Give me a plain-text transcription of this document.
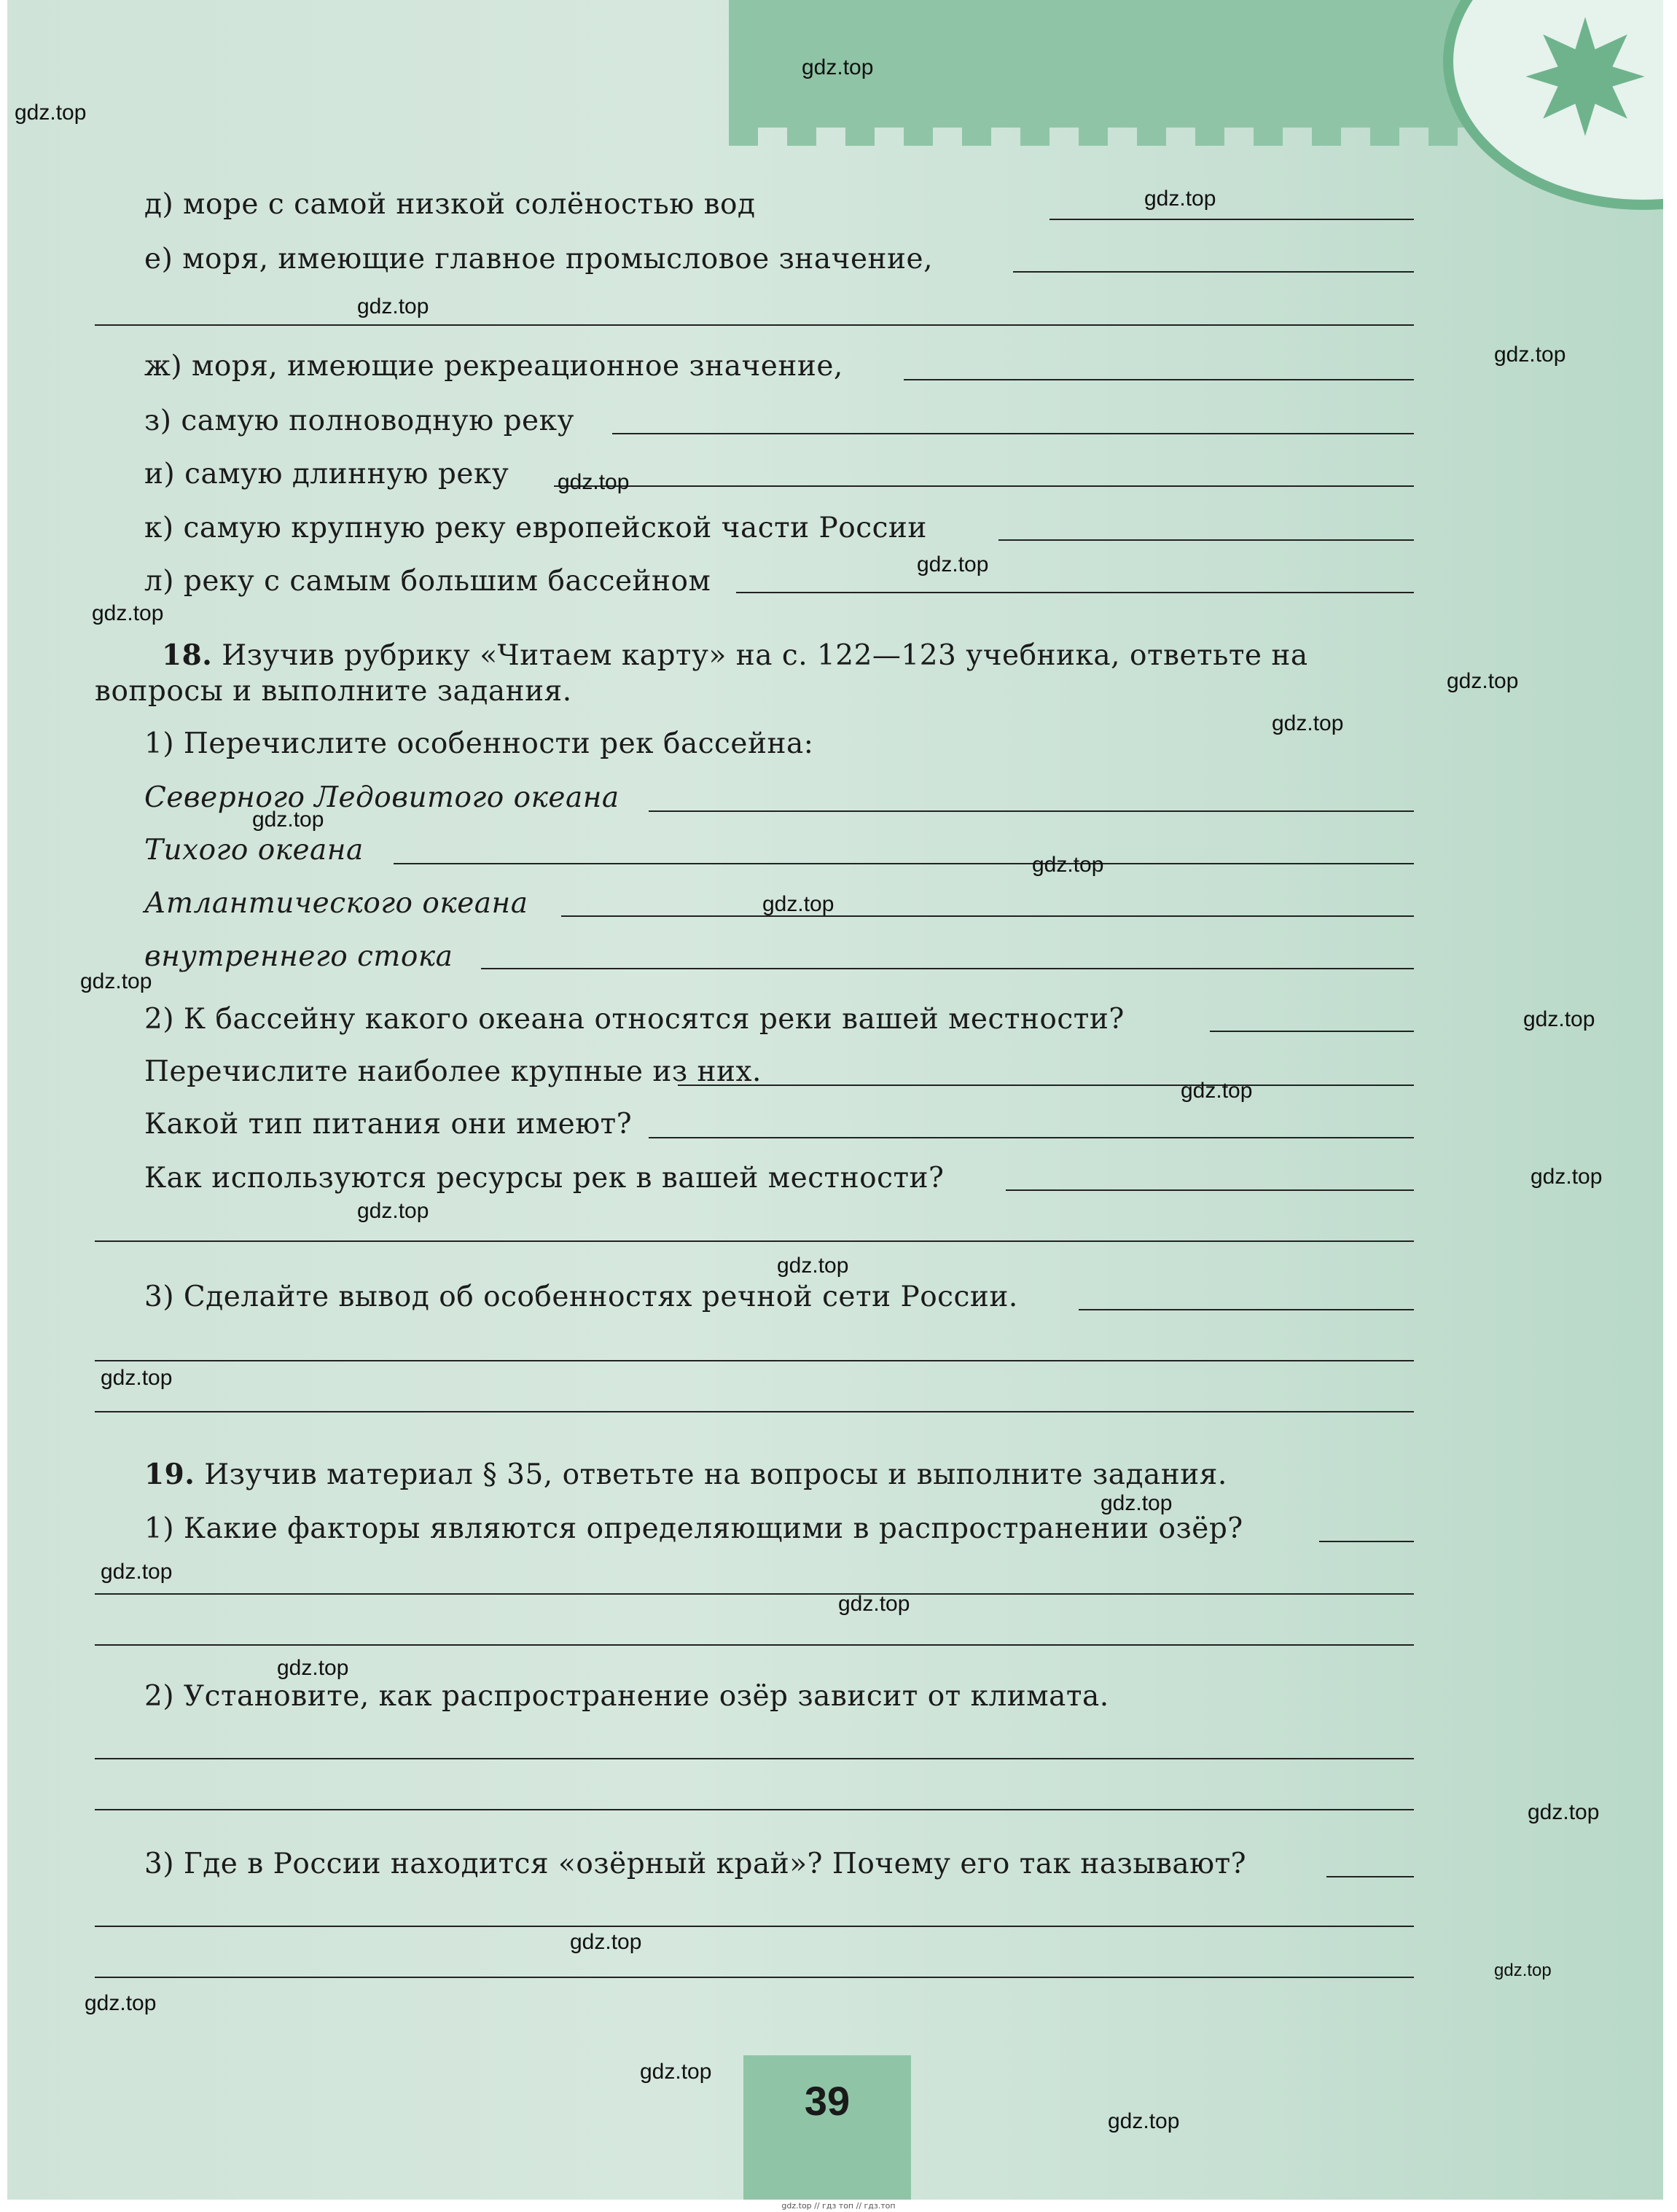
д) море с самой низкой солёностью вод
е) моря, имеющие главное промысловое значение,
ж) моря, имеющие рекреационное значение,
з) самую полноводную реку
и) самую длинную реку
к) самую крупную реку европейской части России
л) реку с самым большим бассейном
18. Изучив рубрику «Читаем карту» на с. 122—123 учебника, ответьте на
вопросы и выполните задания.
1) Перечислите особенности рек бассейна:
Северного Ледовитого океана
Тихого океана
Атлантического океана
внутреннего стока
2) К бассейну какого океана относятся реки вашей местности?
Перечислите наиболее крупные из них.
Какой тип питания они имеют?
Как используются ресурсы рек в вашей местности?
3) Сделайте вывод об особенностях речной сети России.
19. Изучив материал § 35, ответьте на вопросы и выполните задания.
1) Какие факторы являются определяющими в распространении озёр?
2) Установите, как распространение озёр зависит от климата.
3) Где в России находится «озёрный край»? Почему его так называют?
39
gdz.top
gdz.top
gdz.top
gdz.top
gdz.top
gdz.top
gdz.top
gdz.top
gdz.top
gdz.top
gdz.top
gdz.top
gdz.top
gdz.top
gdz.top
gdz.top
gdz.top
gdz.top
gdz.top
gdz.top
gdz.top
gdz.top
gdz.top
gdz.top
gdz.top
gdz.top
gdz.top
gdz.top
gdz.top
gdz.top
gdz.top // гдз топ // гдз.топ
